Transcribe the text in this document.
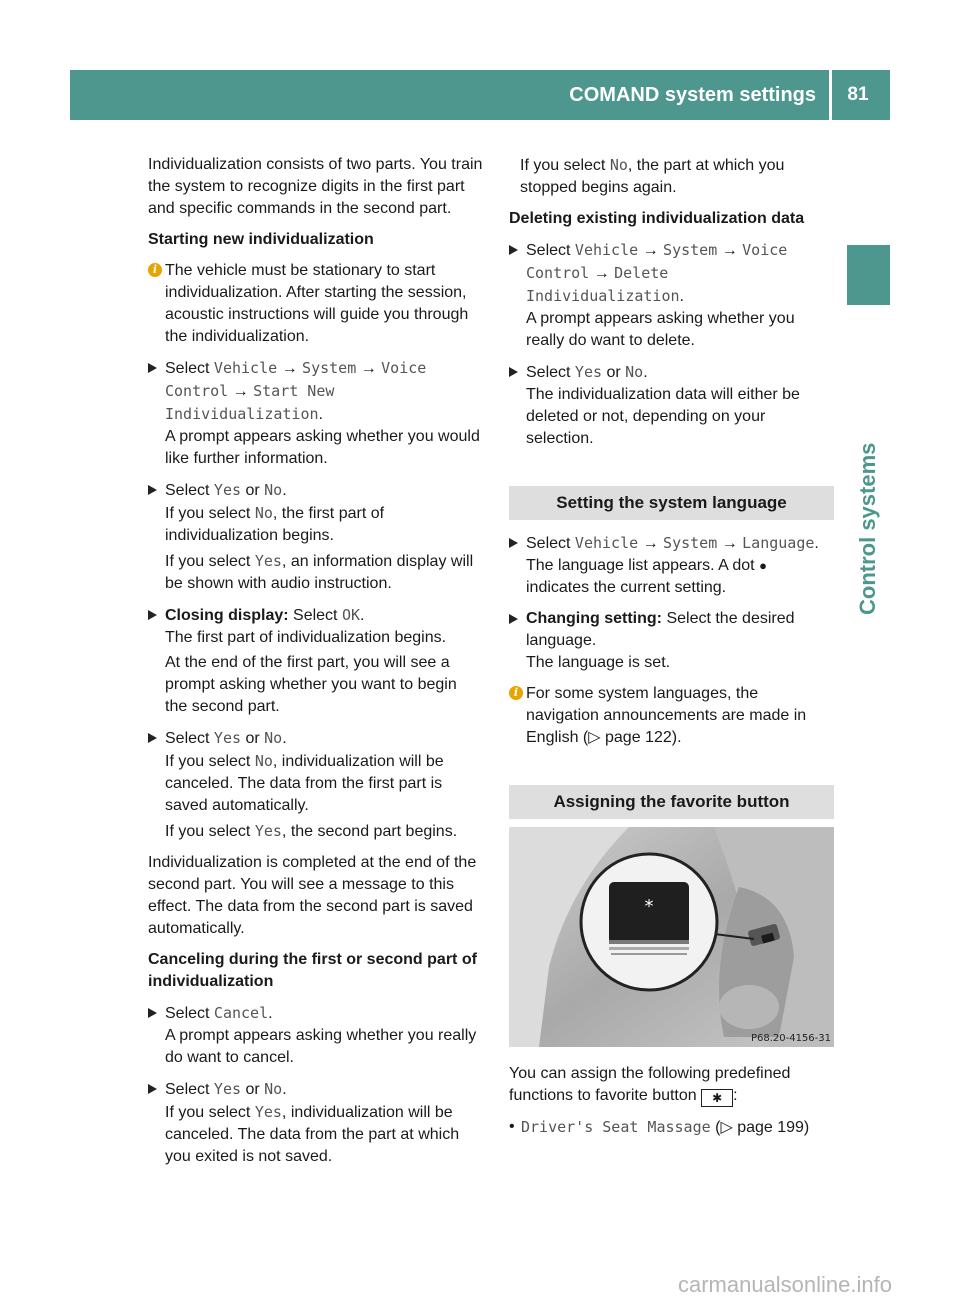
COMAND system settings	81
Control systems

Individualization consists of two parts. You train the system to recognize digits in the first part and specific commands in the second part.

Starting new individualization

i The vehicle must be stationary to start individualization. After starting the session, acoustic instructions will guide you through the individualization.

Select Vehicle → System → Voice Control → Start New Individualization.

A prompt appears asking whether you would like further information.

Select Yes or No.

If you select No, the first part of individualization begins.

If you select Yes, an information display will be shown with audio instruction.

Closing display: Select OK.

The first part of individualization begins.

At the end of the first part, you will see a prompt asking whether you want to begin the second part.

Select Yes or No.

If you select No, individualization will be canceled. The data from the first part is saved automatically.

If you select Yes, the second part begins.

Individualization is completed at the end of the second part. You will see a message to this effect. The data from the second part is saved automatically.

Canceling during the first or second part of individualization

Select Cancel.

A prompt appears asking whether you really do want to cancel.

Select Yes or No.

If you select Yes, individualization will be canceled. The data from the part at which you exited is not saved.

If you select No, the part at which you stopped begins again.

Deleting existing individualization data

Select Vehicle → System → Voice Control → Delete Individualization.

A prompt appears asking whether you really do want to delete.

Select Yes or No.

The individualization data will either be deleted or not, depending on your selection.

Setting the system language

Select Vehicle → System → Language.

The language list appears. A dot ●

indicates the current setting.

Changing setting: Select the desired language.

The language is set.

i For some system languages, the navigation announcements are made in English (▷ page 122).

Assigning the favorite button
*
P68.20-4156-31

You can assign the following predefined functions to favorite button ✱ :

• Driver's Seat Massage (▷ page 199)

carmanualsonline.info
